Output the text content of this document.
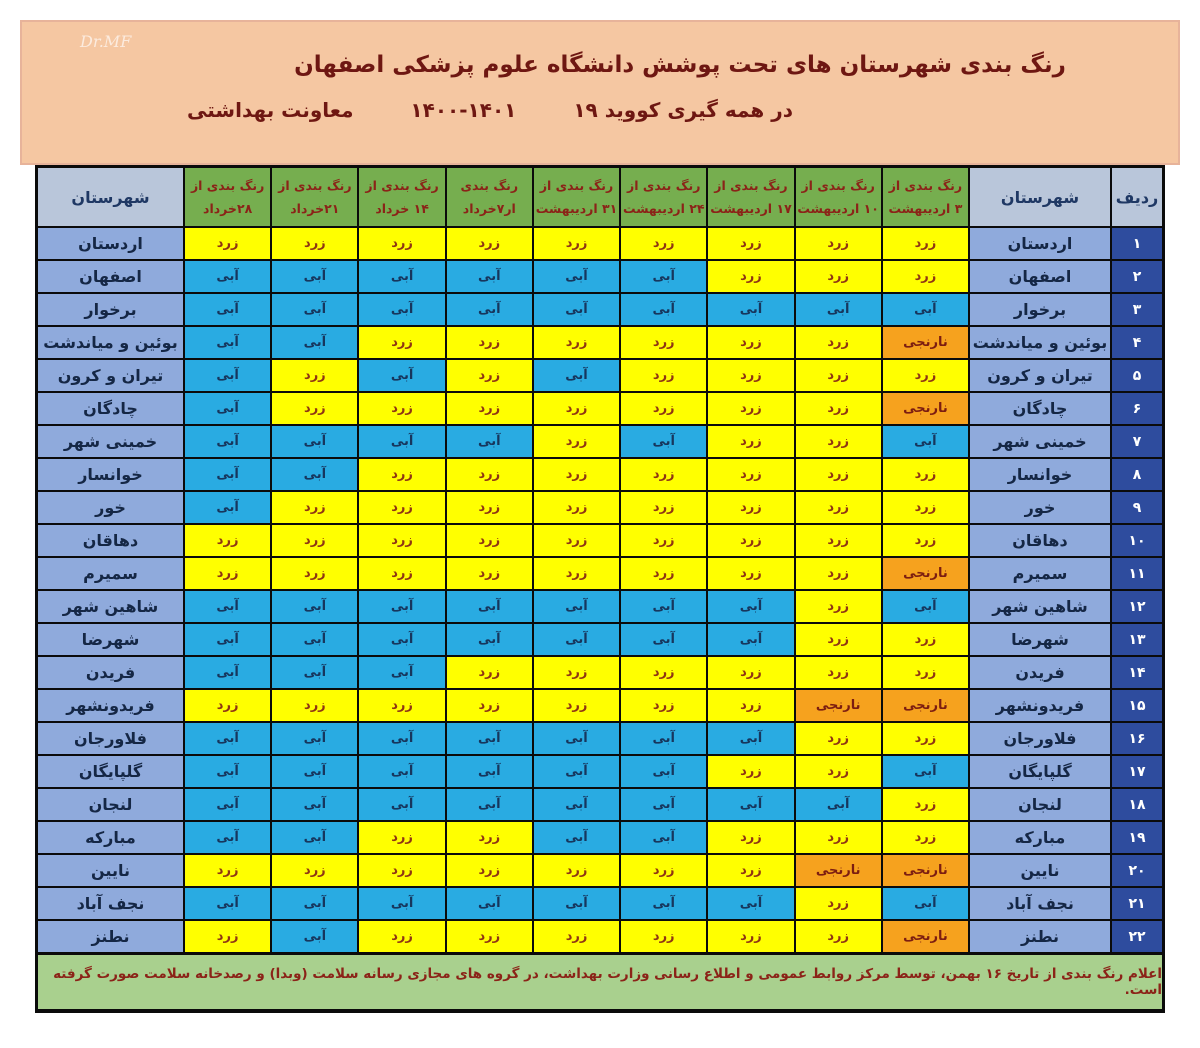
Dr.MF
رنگ بندی شهرستان های تحت پوشش دانشگاه علوم پزشکی اصفهان
در همه گیری کووید ۱۹
۱۴۰۰-۱۴۰۱
معاونت بهداشتی
ردیف	شهرستان	رنگ بندی از ۳ اردیبهشت	رنگ بندی از ۱۰ اردیبهشت	رنگ بندی از ۱۷ اردیبهشت	رنگ بندی از ۲۴ اردیبهشت	رنگ بندی از ۳۱ اردیبهشت	رنگ بندی ار۷خرداد	رنگ بندی از ۱۴ خرداد	رنگ بندی از ۲۱خرداد	رنگ بندی از ۲۸خرداد	شهرستان
۱	اردستان	زرد	زرد	زرد	زرد	زرد	زرد	زرد	زرد	زرد	اردستان
۲	اصفهان	زرد	زرد	زرد	آبی	آبی	آبی	آبی	آبی	آبی	اصفهان
۳	برخوار	آبی	آبی	آبی	آبی	آبی	آبی	آبی	آبی	آبی	برخوار
۴	بوئین و میاندشت	نارنجی	زرد	زرد	زرد	زرد	زرد	زرد	آبی	آبی	بوئین و میاندشت
۵	تیران و کرون	زرد	زرد	زرد	زرد	آبی	زرد	آبی	زرد	آبی	تیران و کرون
۶	چادگان	نارنجی	زرد	زرد	زرد	زرد	زرد	زرد	زرد	آبی	چادگان
۷	خمینی شهر	آبی	زرد	زرد	آبی	زرد	آبی	آبی	آبی	آبی	خمینی شهر
۸	خوانسار	زرد	زرد	زرد	زرد	زرد	زرد	زرد	آبی	آبی	خوانسار
۹	خور	زرد	زرد	زرد	زرد	زرد	زرد	زرد	زرد	آبی	خور
۱۰	دهاقان	زرد	زرد	زرد	زرد	زرد	زرد	زرد	زرد	زرد	دهاقان
۱۱	سمیرم	نارنجی	زرد	زرد	زرد	زرد	زرد	زرد	زرد	زرد	سمیرم
۱۲	شاهین شهر	آبی	زرد	آبی	آبی	آبی	آبی	آبی	آبی	آبی	شاهین شهر
۱۳	شهرضا	زرد	زرد	آبی	آبی	آبی	آبی	آبی	آبی	آبی	شهرضا
۱۴	فریدن	زرد	زرد	زرد	زرد	زرد	زرد	آبی	آبی	آبی	فریدن
۱۵	فریدونشهر	نارنجی	نارنجی	زرد	زرد	زرد	زرد	زرد	زرد	زرد	فریدونشهر
۱۶	فلاورجان	زرد	زرد	آبی	آبی	آبی	آبی	آبی	آبی	آبی	فلاورجان
۱۷	گلپایگان	آبی	زرد	زرد	آبی	آبی	آبی	آبی	آبی	آبی	گلپایگان
۱۸	لنجان	زرد	آبی	آبی	آبی	آبی	آبی	آبی	آبی	آبی	لنجان
۱۹	مبارکه	زرد	زرد	زرد	آبی	آبی	زرد	زرد	آبی	آبی	مبارکه
۲۰	نایین	نارنجی	نارنجی	زرد	زرد	زرد	زرد	زرد	زرد	زرد	نایین
۲۱	نجف آباد	آبی	زرد	آبی	آبی	آبی	آبی	آبی	آبی	آبی	نجف آباد
۲۲	نطنز	نارنجی	زرد	زرد	زرد	زرد	زرد	زرد	آبی	زرد	نطنز
اعلام رنگ بندی از تاریخ ۱۶ بهمن، توسط مرکز روابط عمومی و اطلاع رسانی وزارت بهداشت، در گروه های مجازی رسانه سلامت (وبدا) و رصدخانه سلامت صورت گرفته است.
